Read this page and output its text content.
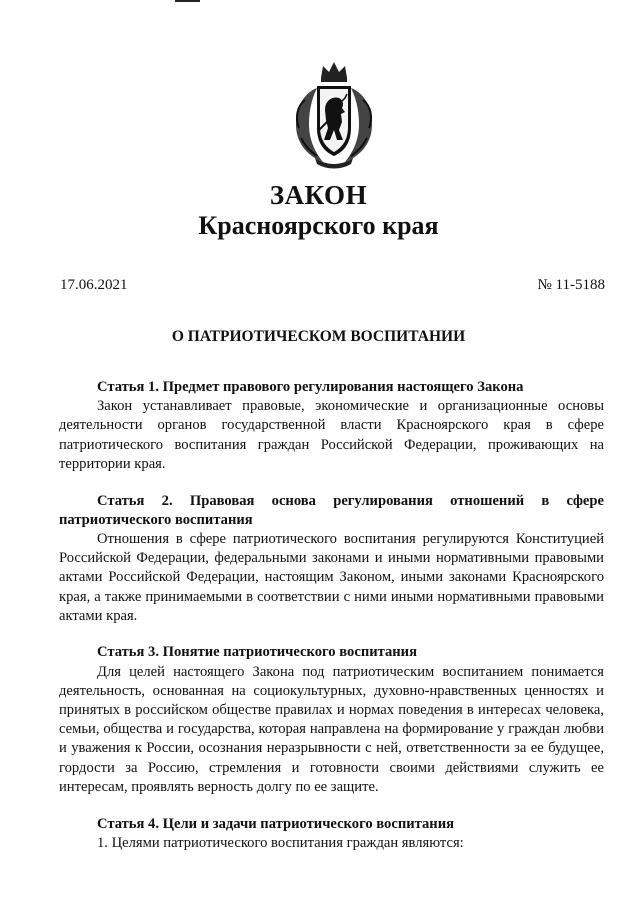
ЗАКОН
Красноярского края
17.06.2021	№ 11-5188
О ПАТРИОТИЧЕСКОМ ВОСПИТАНИИ

Статья 1. Предмет правового регулирования настоящего Закона

Закон устанавливает правовые, экономические и организационные основы деятельности органов государственной власти Красноярского края в сфере патриотического воспитания граждан Российской Федерации, проживающих на территории края.

Статья 2. Правовая основа регулирования отношений в сфере патриотического воспитания

Отношения в сфере патриотического воспитания регулируются Конституцией Российской Федерации, федеральными законами и иными нормативными правовыми актами Российской Федерации, настоящим Законом, иными законами Красноярского края, а также принимаемыми в соответствии с ними иными нормативными правовыми актами края.

Статья 3. Понятие патриотического воспитания

Для целей настоящего Закона под патриотическим воспитанием понимается деятельность, основанная на социокультурных, духовно-нравственных ценностях и принятых в российском обществе правилах и нормах поведения в интересах человека, семьи, общества и государства, которая направлена на формирование у граждан любви и уважения к России, осознания неразрывности с ней, ответственности за ее будущее, гордости за Россию, стремления и готовности своими действиями служить ее интересам, проявлять верность долгу по ее защите.

Статья 4. Цели и задачи патриотического воспитания

1. Целями патриотического воспитания граждан являются:
